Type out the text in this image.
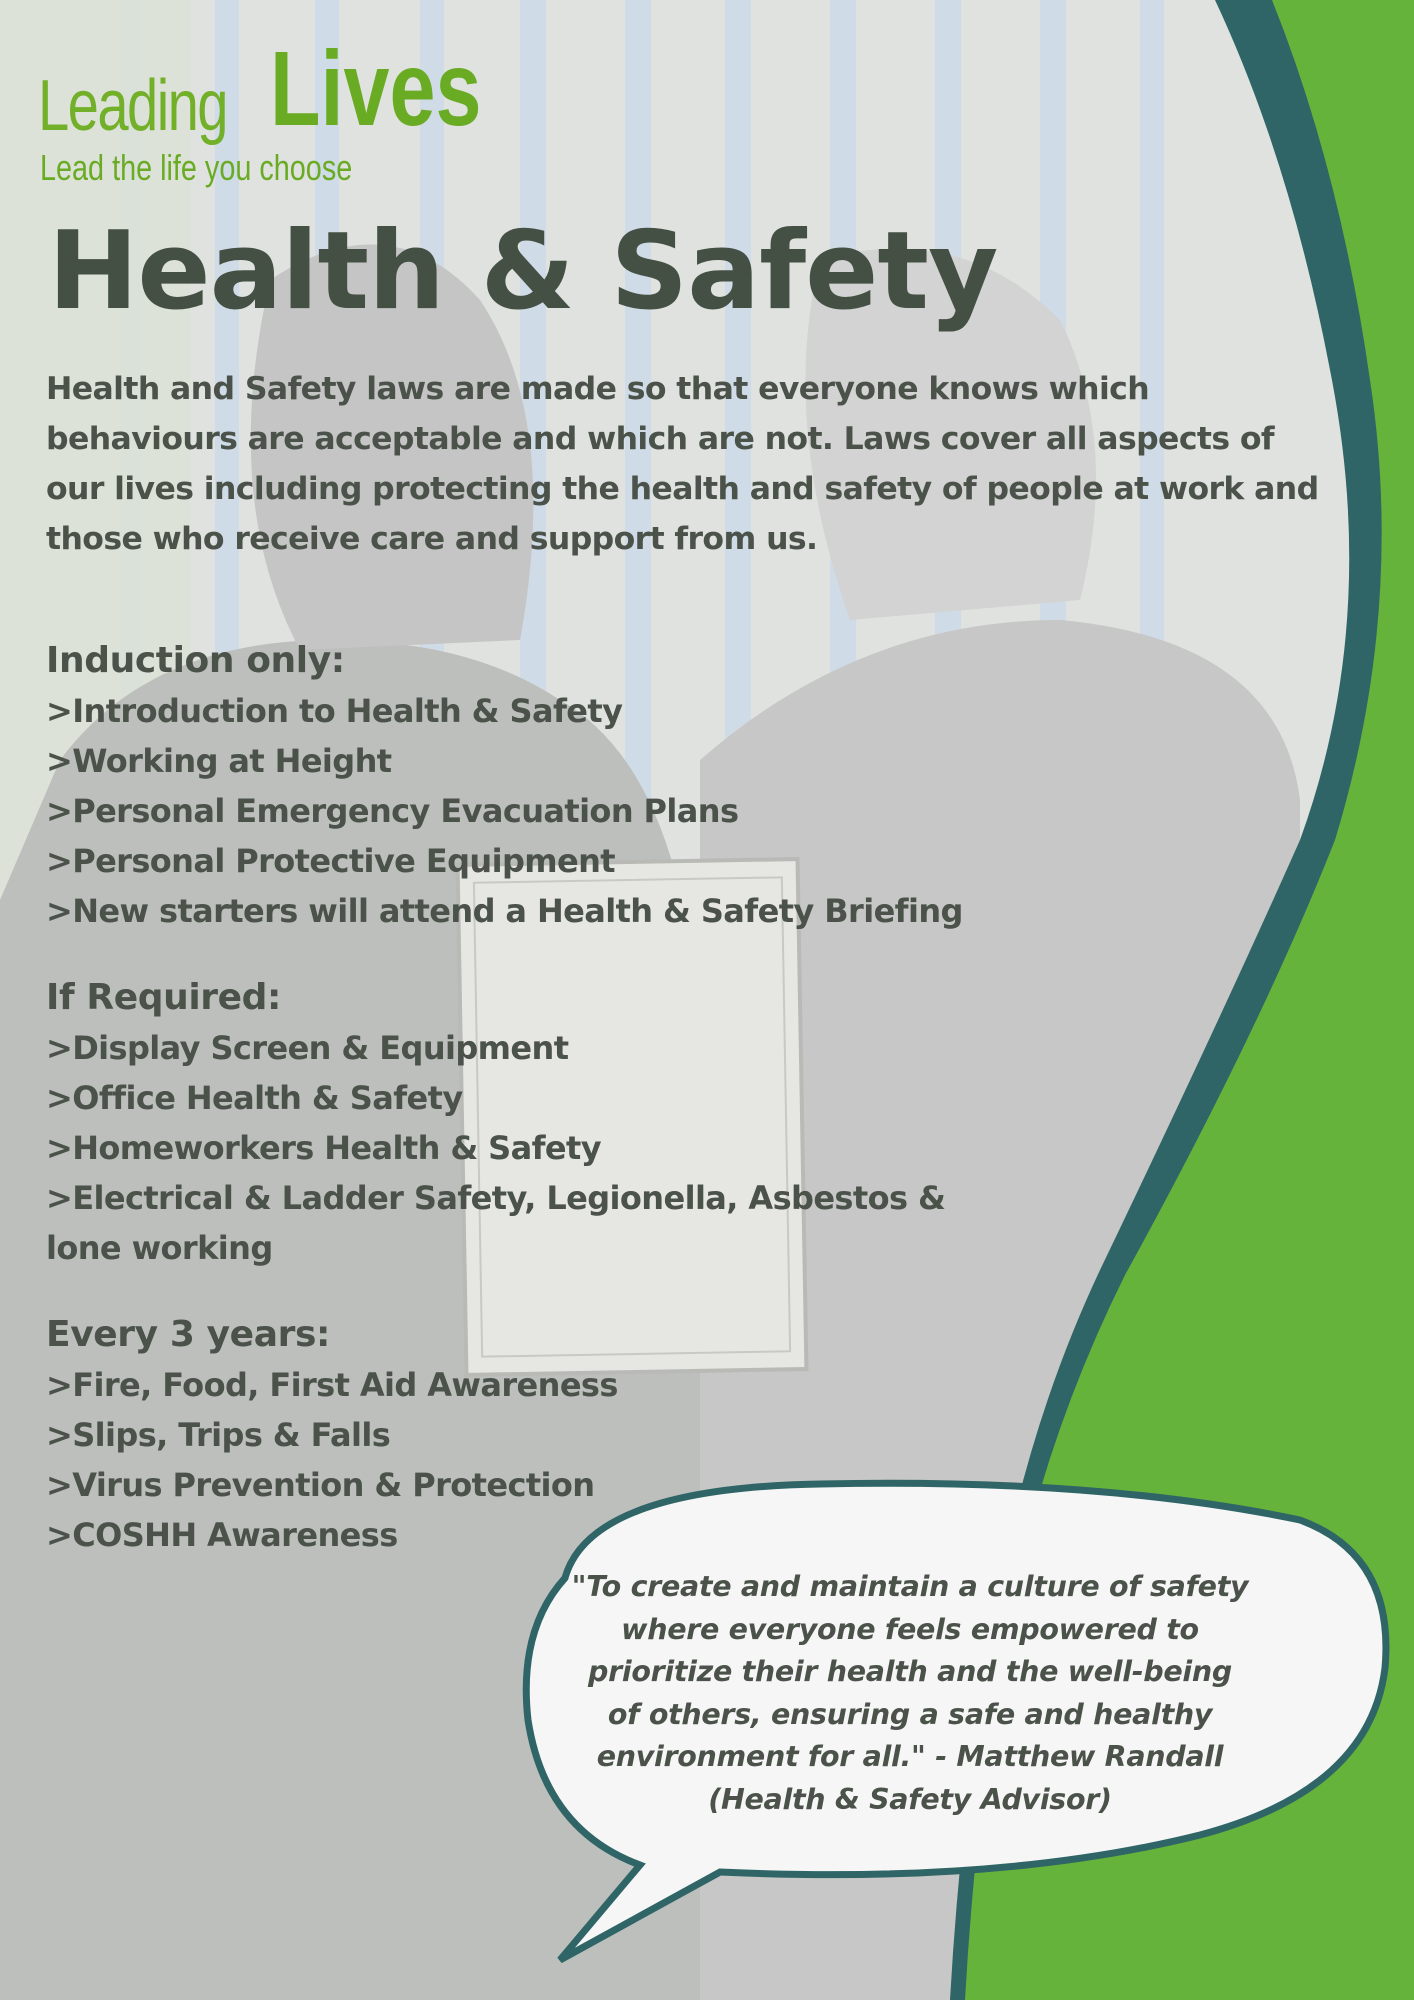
Leading Lives
Lead the life you choose
Health & Safety

Health and Safety laws are made so that everyone knows which behaviours are acceptable and which are not. Laws cover all aspects of our lives including protecting the health and safety of people at work and those who receive care and support from us.

Induction only:
>Introduction to Health & Safety
>Working at Height
>Personal Emergency Evacuation Plans
>Personal Protective Equipment
>New starters will attend a Health & Safety Briefing
If Required:
>Display Screen & Equipment
>Office Health & Safety
>Homeworkers Health & Safety
>Electrical & Ladder Safety, Legionella, Asbestos & lone working
Every 3 years:
>Fire, Food, First Aid Awareness
>Slips, Trips & Falls
>Virus Prevention & Protection
>COSHH Awareness

"To create and maintain a culture of safety where everyone feels empowered to prioritize their health and the well-being of others, ensuring a safe and healthy environment for all." - Matthew Randall (Health & Safety Advisor)
